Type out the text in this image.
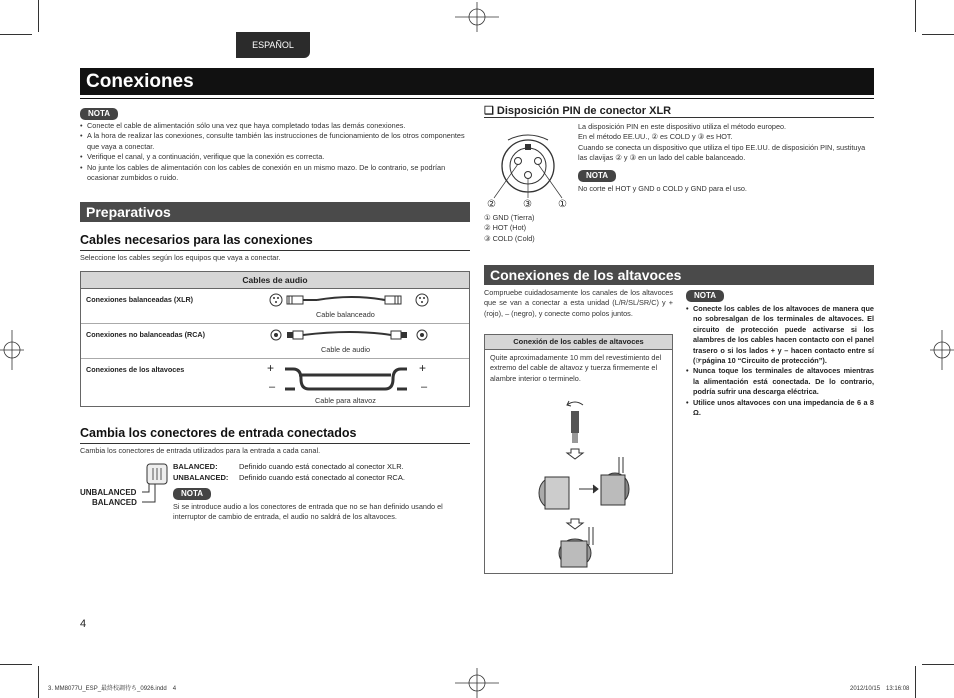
ESPAÑOL
Conexiones
NOTA
• Conecte el cable de alimentación sólo una vez que haya completado todas las demás conexiones.
• A la hora de realizar las conexiones, consulte también las instrucciones de funcionamiento de los otros componentes que vaya a conectar.
• Verifique el canal, y a continuación, verifique que la conexión es correcta.
• No junte los cables de alimentación con los cables de conexión en un mismo mazo. De lo contrario, se podrían ocasionar zumbidos o ruido.
Preparativos
Cables necesarios para las conexiones
Seleccione los cables según los equipos que vaya a conectar.
Cables de audio
Conexiones balanceadas (XLR)
Cable balanceado
Conexiones no balanceadas (RCA)
Cable de audio
Conexiones de los altavoces	+
–
+
–
Cable para altavoz
Cambia los conectores de entrada conectados
Cambia los conectores de entrada utilizados para la entrada a cada canal.
UNBALANCED
BALANCED
BALANCED:	Definido cuando está conectado al conector XLR.
UNBALANCED: Definido cuando está conectado al conector RCA.
NOTA
Si se introduce audio a los conectores de entrada que no se han definido usando el interruptor de cambio de entrada, el audio no saldrá de los altavoces.
❑ Disposición PIN de conector XLR
②	③	①
① GND (Tierra)
② HOT (Hot)
③ COLD (Cold)
La disposición PIN en este dispositivo utiliza el método europeo.
En el método EE.UU., ② es COLD y ③ es HOT.
Cuando se conecta un dispositivo que utiliza el tipo EE.UU. de disposición PIN, sustituya las clavijas ② y ③ en un lado del cable balanceado.
NOTA
No corte el HOT y GND o COLD y GND para el uso.
Conexiones de los altavoces
Compruebe cuidadosamente los canales de los altavoces que se van a conectar a esta unidad (L/R/SL/SR/C) y + (rojo), – (negro), y conecte como polos juntos.
Conexión de los cables de altavoces
Quite aproximadamente 10 mm del revestimiento del extremo del cable de altavoz y tuerza firmemente el alambre interior o terminelo.
NOTA
• Conecte los cables de los altavoces de manera que no sobresalgan de los terminales de altavoces. El circuito de protección puede activarse si los alambres de los cables hacen contacto con el panel trasero o si los lados + y – hacen contacto entre sí (☞página 10 “Circuito de protección”).
• Nunca toque los terminales de altavoces mientras la alimentación está conectada. De lo contrario, podría sufrir una descarga eléctrica.
• Utilice unos altavoces con una impedancia de 6 a 8 Ω.
4
3. MM8077U_ESP_最終校調待ち_0926.indd　4	2012/10/15　13:16:08
